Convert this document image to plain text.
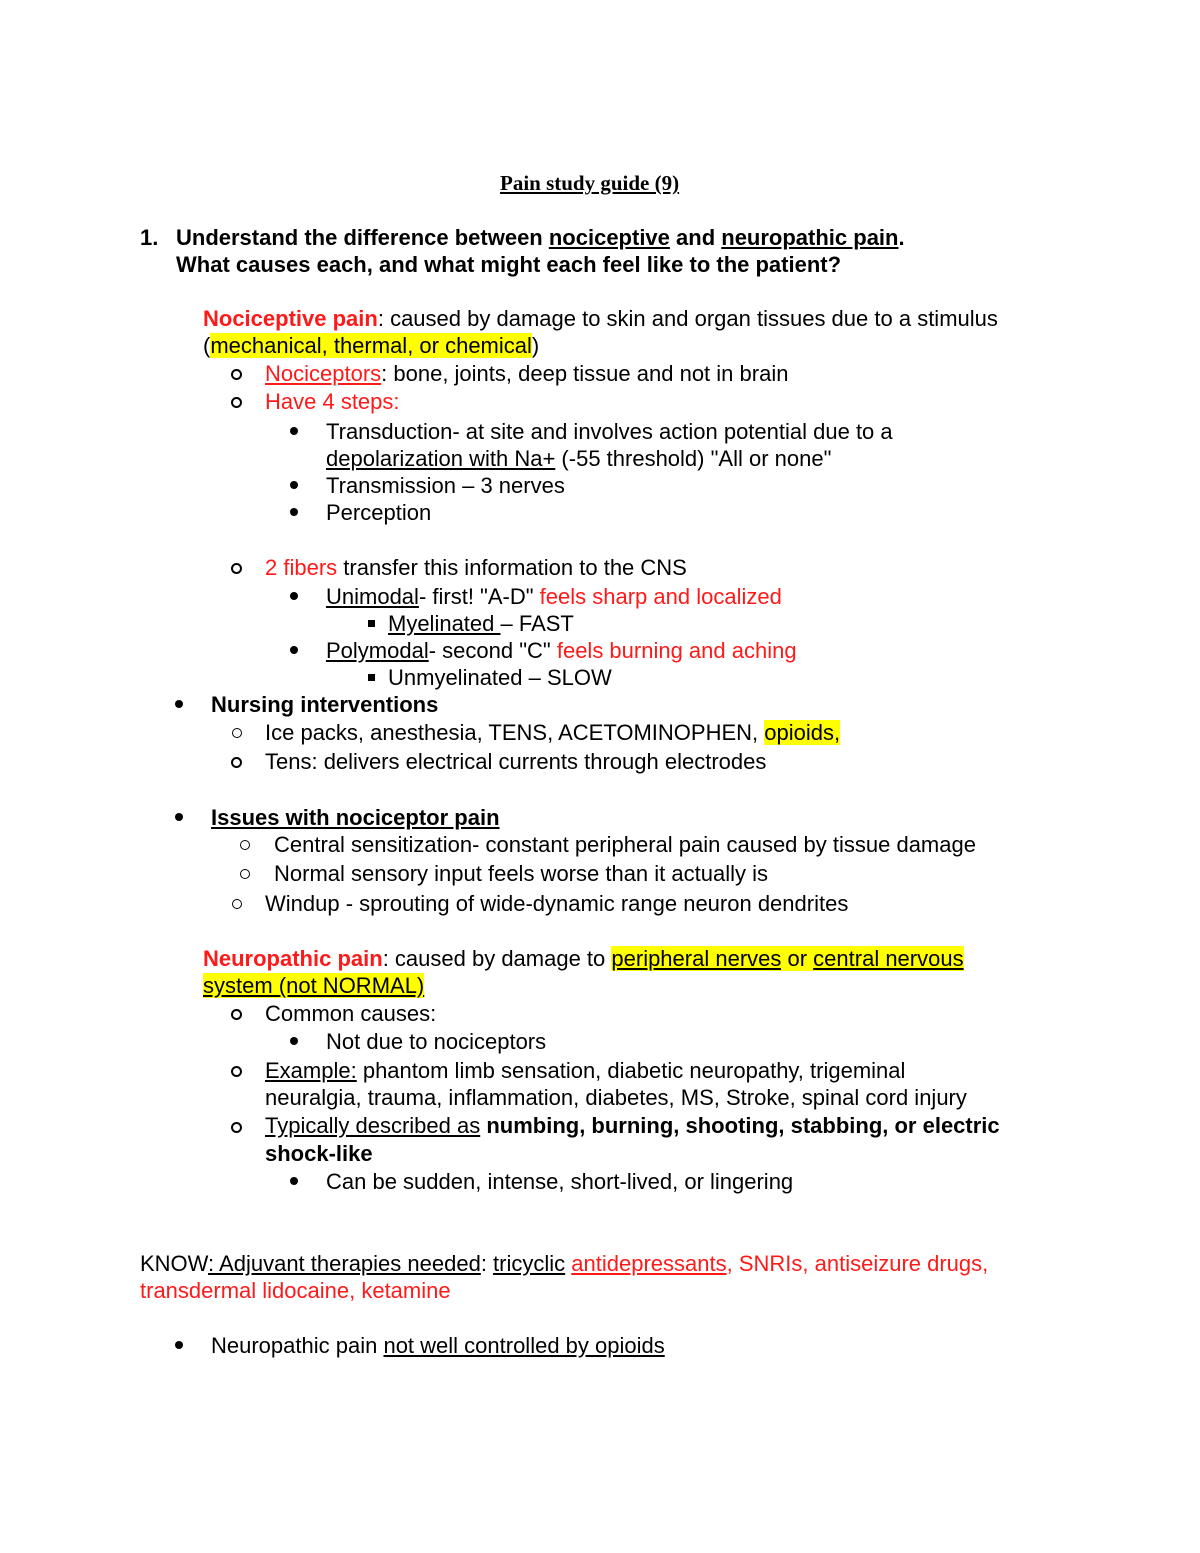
Pain study guide (9)
1. Understand the difference between nociceptive and neuropathic pain.
What causes each, and what might each feel like to the patient?
Nociceptive pain: caused by damage to skin and organ tissues due to a stimulus
(mechanical, thermal, or chemical)
Nociceptors: bone, joints, deep tissue and not in brain
Have 4 steps:
Transduction- at site and involves action potential due to a
depolarization with Na+ (-55 threshold) "All or none"
Transmission – 3 nerves
Perception
2 fibers transfer this information to the CNS
Unimodal- first! "A-D" feels sharp and localized
Myelinated – FAST
Polymodal- second "C" feels burning and aching
Unmyelinated – SLOW
Nursing interventions
Ice packs, anesthesia, TENS, ACETOMINOPHEN, opioids,
Tens: delivers electrical currents through electrodes
Issues with nociceptor pain
Central sensitization- constant peripheral pain caused by tissue damage
Normal sensory input feels worse than it actually is
Windup - sprouting of wide-dynamic range neuron dendrites
Neuropathic pain: caused by damage to peripheral nerves or central nervous
system (not NORMAL)
Common causes:
Not due to nociceptors
Example: phantom limb sensation, diabetic neuropathy, trigeminal
neuralgia, trauma, inflammation, diabetes, MS, Stroke, spinal cord injury
Typically described as numbing, burning, shooting, stabbing, or electric
shock-like
Can be sudden, intense, short-lived, or lingering
KNOW: Adjuvant therapies needed: tricyclic antidepressants, SNRIs, antiseizure drugs,
transdermal lidocaine, ketamine
Neuropathic pain not well controlled by opioids
